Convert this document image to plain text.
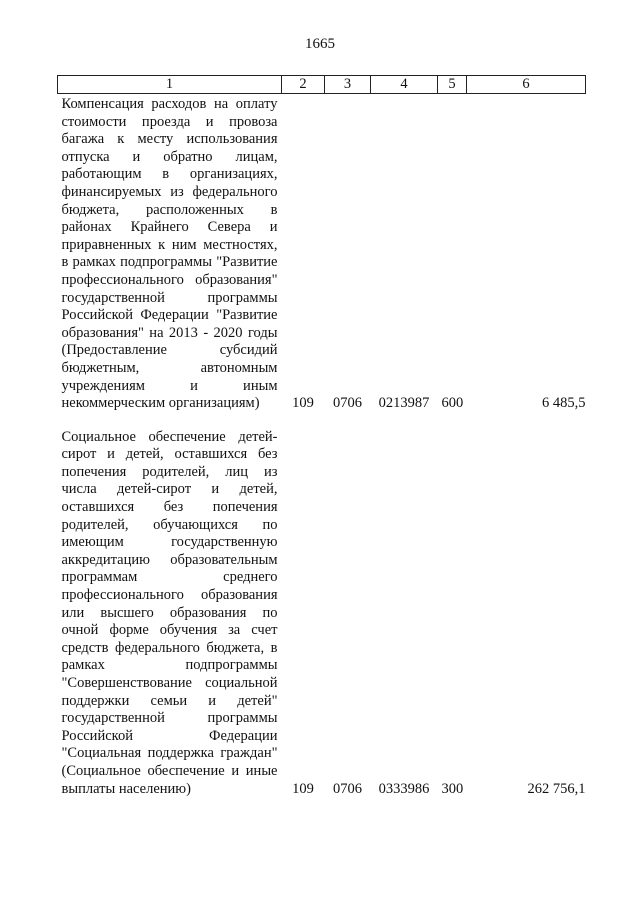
1665
1	2	3	4	5	6
Компенсация расходов на оплату стоимости проезда и провоза багажа к месту использования отпуска и обратно лицам, работающим в организациях, финансируемых из федерального бюджета, расположенных в районах Крайнего Севера и приравненных к ним местностях, в рамках подпрограммы "Развитие профессионального образования" государственной программы Российской Федерации "Развитие образования" на 2013 - 2020 годы (Предоставление субсидий бюджетным, автономным учреждениям и иным некоммерческим организациям)	109	0706	0213987	600	6 485,5

Социальное обеспечение детей-сирот и детей, оставшихся без попечения родителей, лиц из числа детей-сирот и детей, оставшихся без попечения родителей, обучающихся по имеющим государственную аккредитацию образовательным программам среднего профессионального образования или высшего образования по очной форме обучения за счет средств федерального бюджета, в рамках подпрограммы "Совершенствование социальной поддержки семьи и детей" государственной программы Российской Федерации "Социальная поддержка граждан" (Социальное обеспечение и иные выплаты населению)	109	0706	0333986	300	262 756,1
